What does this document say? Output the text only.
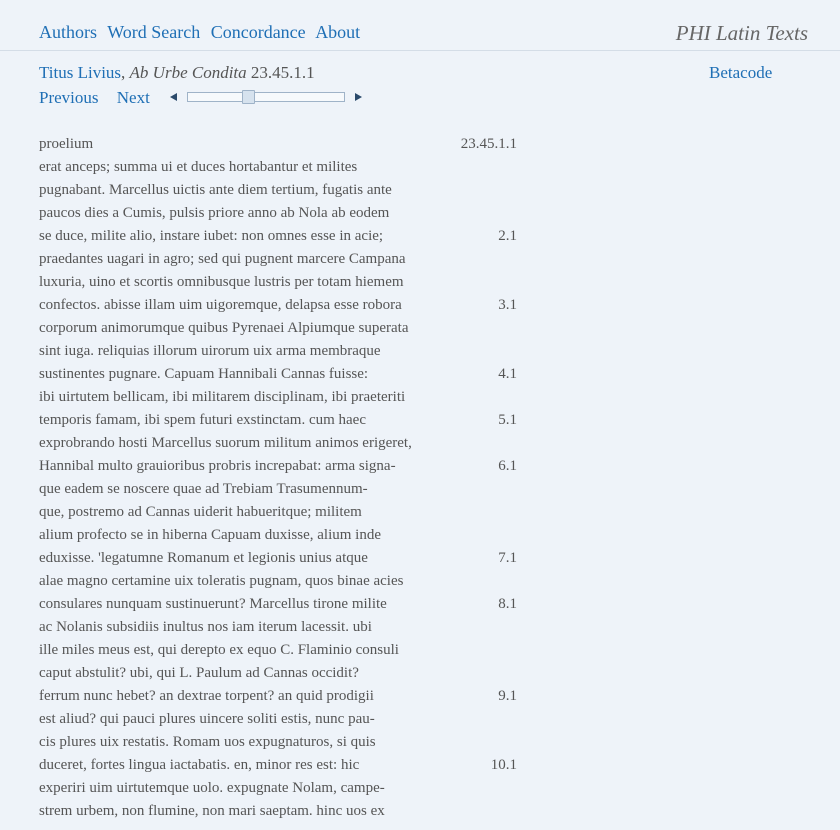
Authors Word Search Concordance About	PHI Latin Texts
Titus Livius, Ab Urbe Condita 23.45.1.1	Betacode
Previous Next
proelium	23.45.1.1
erat anceps; summa ui et duces hortabantur et milites
pugnabant. Marcellus uictis ante diem tertium, fugatis ante
paucos dies a Cumis, pulsis priore anno ab Nola ab eodem
se duce, milite alio, instare iubet: non omnes esse in acie;	2.1
praedantes uagari in agro; sed qui pugnent marcere Campana
luxuria, uino et scortis omnibusque lustris per totam hiemem
confectos. abisse illam uim uigoremque, delapsa esse robora	3.1
corporum animorumque quibus Pyrenaei Alpiumque superata
sint iuga. reliquias illorum uirorum uix arma membraque
sustinentes pugnare. Capuam Hannibali Cannas fuisse:	4.1
ibi uirtutem bellicam, ibi militarem disciplinam, ibi praeteriti
temporis famam, ibi spem futuri exstinctam. cum haec	5.1
exprobrando hosti Marcellus suorum militum animos erigeret,
Hannibal multo grauioribus probris increpabat: arma signa-	6.1
que eadem se noscere quae ad Trebiam Trasumennum-
que, postremo ad Cannas uiderit habueritque; militem
alium profecto se in hiberna Capuam duxisse, alium inde
eduxisse. 'legatumne Romanum et legionis unius atque	7.1
alae magno certamine uix toleratis pugnam, quos binae acies
consulares nunquam sustinuerunt? Marcellus tirone milite	8.1
ac Nolanis subsidiis inultus nos iam iterum lacessit. ubi
ille miles meus est, qui derepto ex equo C. Flaminio consuli
caput abstulit? ubi, qui L. Paulum ad Cannas occidit?
ferrum nunc hebet? an dextrae torpent? an quid prodigii	9.1
est aliud? qui pauci plures uincere soliti estis, nunc pau-
cis plures uix restatis. Romam uos expugnaturos, si quis
duceret, fortes lingua iactabatis. en, minor res est: hic	10.1
experiri uim uirtutemque uolo. expugnate Nolam, campe-
strem urbem, non flumine, non mari saeptam. hinc uos ex
